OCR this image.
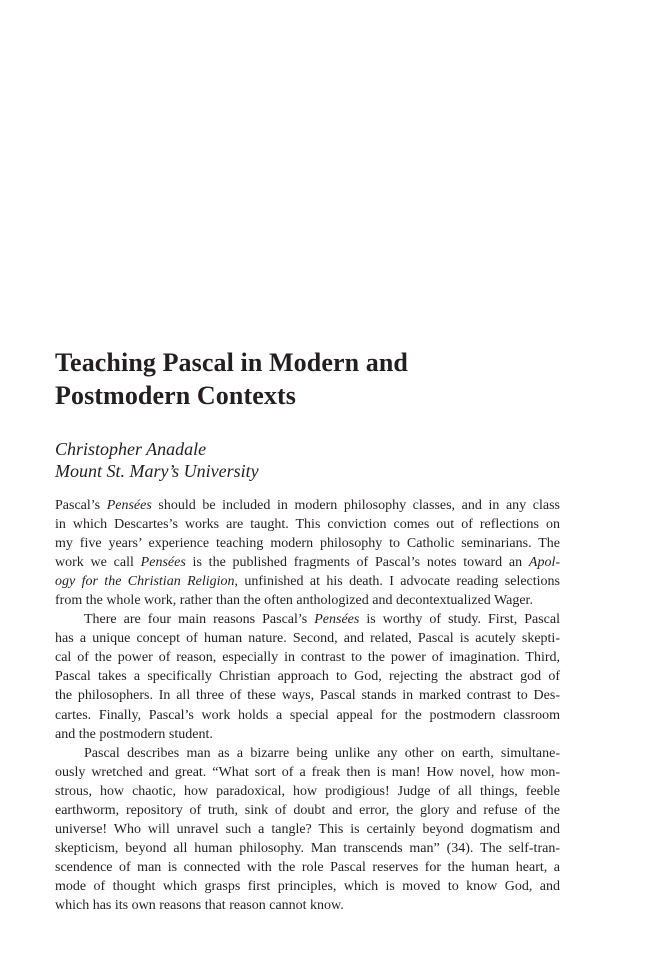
Teaching Pascal in Modern and
Postmodern Contexts
Christopher Anadale
Mount St. Mary’s University
Pascal’s Pensées should be included in modern philosophy classes, and in any class
in which Descartes’s works are taught. This conviction comes out of reflections on
my five years’ experience teaching modern philosophy to Catholic seminarians. The
work we call Pensées is the published fragments of Pascal’s notes toward an Apol-
ogy for the Christian Religion, unfinished at his death. I advocate reading selections
from the whole work, rather than the often anthologized and decontextualized Wager.
There are four main reasons Pascal’s Pensées is worthy of study. First, Pascal
has a unique concept of human nature. Second, and related, Pascal is acutely skepti-
cal of the power of reason, especially in contrast to the power of imagination. Third,
Pascal takes a specifically Christian approach to God, rejecting the abstract god of
the philosophers. In all three of these ways, Pascal stands in marked contrast to Des-
cartes. Finally, Pascal’s work holds a special appeal for the postmodern classroom
and the postmodern student.
Pascal describes man as a bizarre being unlike any other on earth, simultane-
ously wretched and great. “What sort of a freak then is man! How novel, how mon-
strous, how chaotic, how paradoxical, how prodigious! Judge of all things, feeble
earthworm, repository of truth, sink of doubt and error, the glory and refuse of the
universe! Who will unravel such a tangle? This is certainly beyond dogmatism and
skepticism, beyond all human philosophy. Man transcends man” (34). The self-tran-
scendence of man is connected with the role Pascal reserves for the human heart, a
mode of thought which grasps first principles, which is moved to know God, and
which has its own reasons that reason cannot know.
